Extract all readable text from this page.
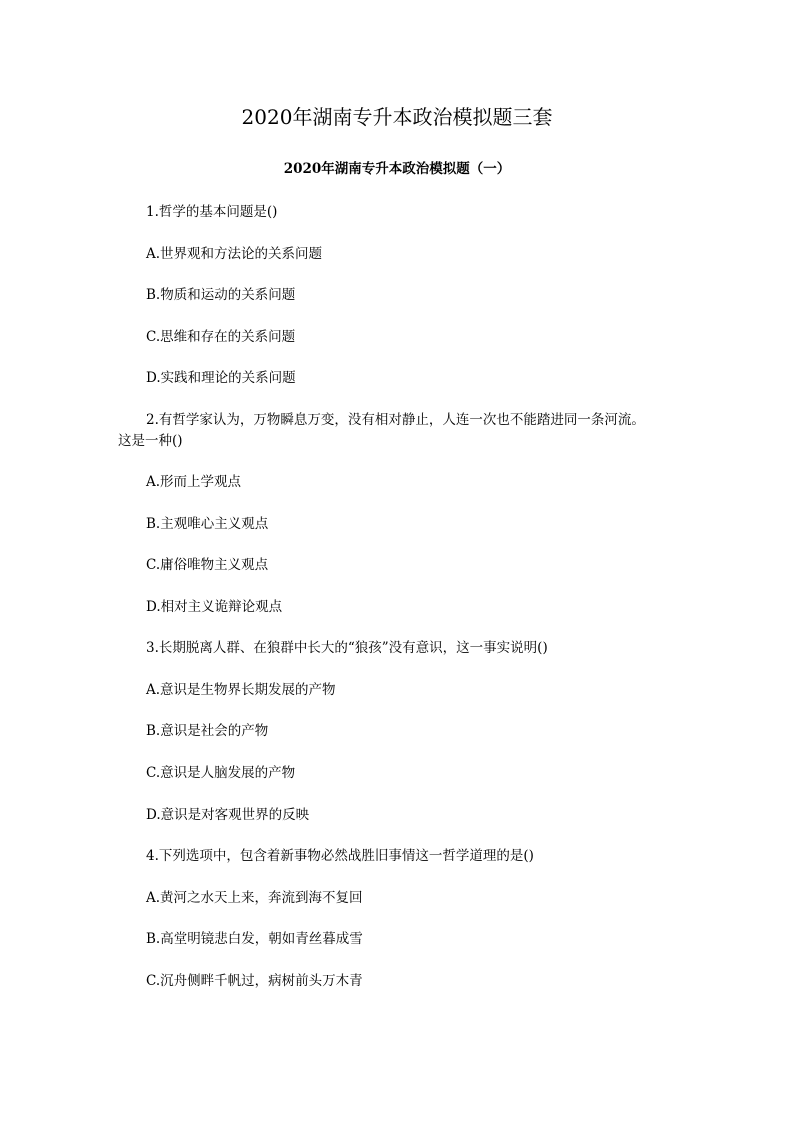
2020年湖南专升本政治模拟题三套
2020年湖南专升本政治模拟题（一）

1.哲学的基本问题是()

A.世界观和方法论的关系问题

B.物质和运动的关系问题

C.思维和存在的关系问题

D.实践和理论的关系问题

2.有哲学家认为，万物瞬息万变，没有相对静止，人连一次也不能踏进同一条河流。

这是一种()

A.形而上学观点

B.主观唯心主义观点

C.庸俗唯物主义观点

D.相对主义诡辩论观点

3.长期脱离人群、在狼群中长大的“狼孩”没有意识，这一事实说明()

A.意识是生物界长期发展的产物

B.意识是社会的产物

C.意识是人脑发展的产物

D.意识是对客观世界的反映

4.下列选项中，包含着新事物必然战胜旧事情这一哲学道理的是()

A.黄河之水天上来，奔流到海不复回

B.高堂明镜悲白发，朝如青丝暮成雪

C.沉舟侧畔千帆过，病树前头万木青
